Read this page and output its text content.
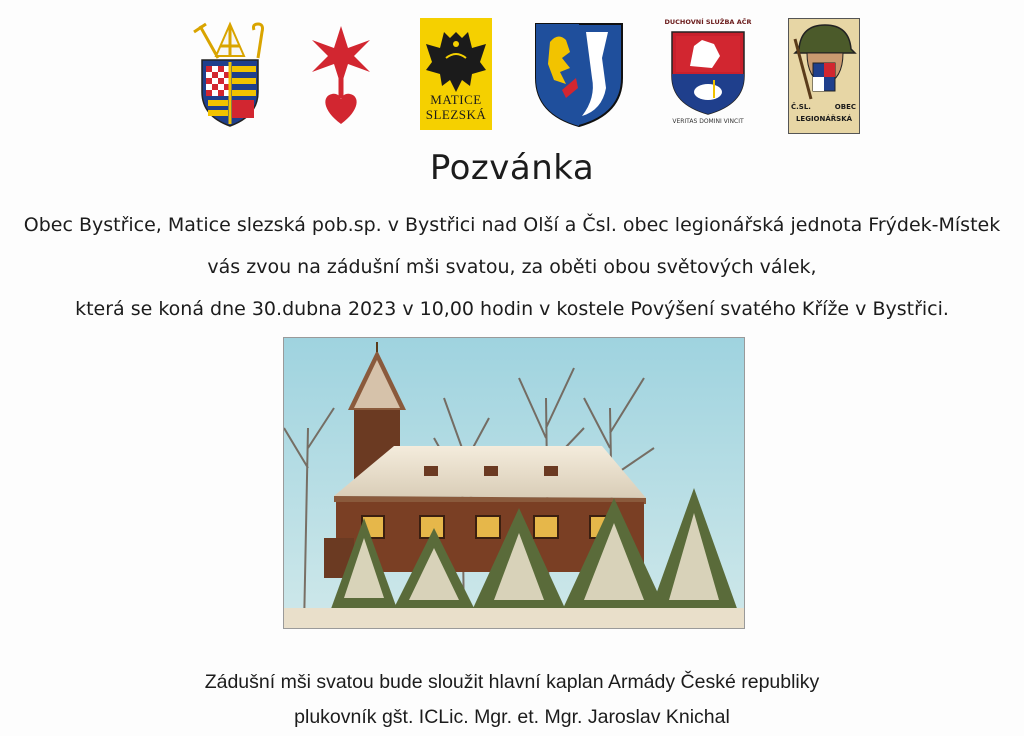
MATICE SLEZSKÁ
DUCHOVNÍ SLUŽBA AČR
VERITAS DOMINI VINCIT
Č.SL.	OBEC
LEGIONÁŘSKÁ
Pozvánka
Obec Bystřice, Matice slezská pob.sp. v Bystřici nad Olší a Čsl. obec legionářská jednota Frýdek-Místek
vás zvou na zádušní mši svatou, za oběti obou světových válek,
která se koná dne 30.dubna 2023 v 10,00 hodin v kostele Povýšení svatého Kříže v Bystřici.
Zádušní mši svatou bude sloužit hlavní kaplan Armády České republiky
plukovník gšt. ICLic. Mgr. et. Mgr. Jaroslav Knichal
